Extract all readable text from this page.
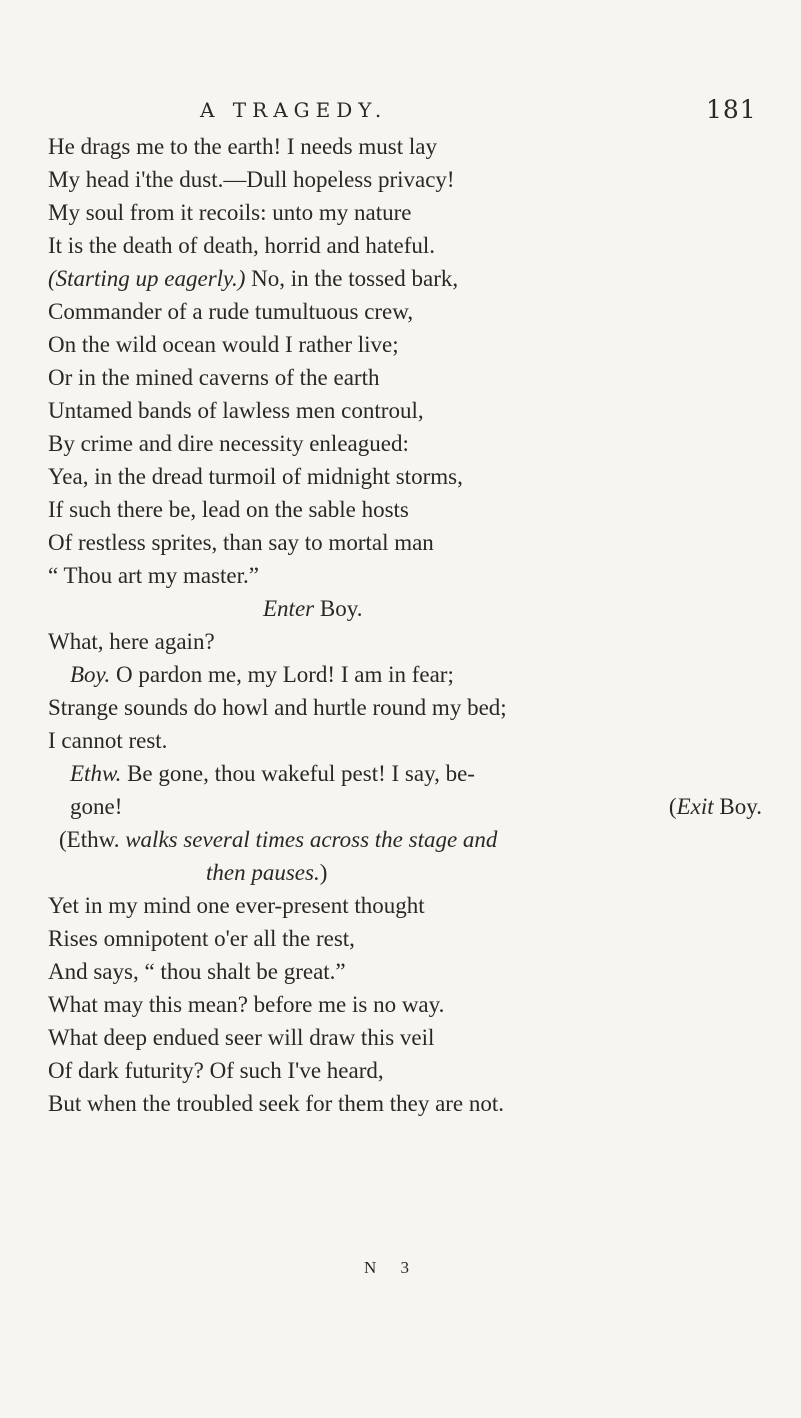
A TRAGEDY.	181
He drags me to the earth! I needs must lay
My head i'the dust.—Dull hopeless privacy!
My soul from it recoils: unto my nature
It is the death of death, horrid and hateful.
(Starting up eagerly.) No, in the tossed bark,
Commander of a rude tumultuous crew,
On the wild ocean would I rather live;
Or in the mined caverns of the earth
Untamed bands of lawless men controul,
By crime and dire necessity enleagued:
Yea, in the dread turmoil of midnight storms,
If such there be, lead on the sable hosts
Of restless sprites, than say to mortal man
“ Thou art my master.”
Enter Boy.
What, here again?
Boy. O pardon me, my Lord! I am in fear;
Strange sounds do howl and hurtle round my bed;
I cannot rest.
Ethw. Be gone, thou wakeful pest! I say, be-
gone!	(Exit Boy.
(Ethw. walks several times across the stage and
then pauses.)
Yet in my mind one ever-present thought
Rises omnipotent o'er all the rest,
And says, “ thou shalt be great.”
What may this mean? before me is no way.
What deep endued seer will draw this veil
Of dark futurity? Of such I've heard,
But when the troubled seek for them they are not.
N 3
